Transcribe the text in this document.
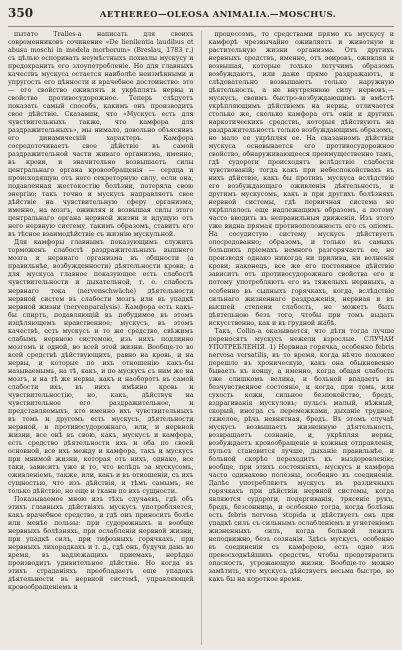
350	AETHEREO—OLEOSA ANIMALIA.—MOSCHUS.

пытато Tralles-а написать для своихъ современниковъ сочинение «De lienilentia laudibus et abusu moschi in medela morborum» (Breslau, 1783 г.) съ цѣлью оспоривать неумѣстныхъ похвалы мускусу и предохранить его злоупотребленіе. Но для главныхъ качествъ мускуса остается наиболѣе неизмѣнными и упругость его цѣнности и врачебное достоинство: это — его свойство оживлять и укрѣплять нервы и свойство противосудорожное. Теперь слѣдуетъ показать самый способъ, какимъ онъ производитъ свое дѣйствіе. Сказавши, что «Мускусъ есть для чувствительныхъ также, что камфора для раздражительныхъ», мы нимало, довольно объяснивъ его динамическій характеръ. Камфора сосредоточиваетъ свое дѣйствіе въ самой раздражительной части живаго организма, именно, въ крови, и значительно возвышаетъ силы центральнаго органа кровообращенія — сердца и происходящую отъ него секреторную силу, если она, подавленная жестокостію болѣзни, потеряла свою энергію; такъ точно и мускусъ направляетъ свое дѣйствіе на чувствительную сферу организма, именно, на мозгъ, оживляя и возвышая силы этого центральнаго органа нервной жизни и идущую отъ него нервную систему, такимъ образомъ, ставитъ его въ тѣсное взаимодѣйствіе съ жизнію мускульной.

Для камфоры главнымъ показующимъ служитъ торможенъ слабостѣ раздражительныхъ вышнего мозга и нервнаго организма въ общности (а правильнѣе, возбужденности) дѣятельности крови; а для мускуса главное показующее есть слабостѣ чувствительности и дыхательной, т. е. слабость нервнаго тока (nervenschwäche) дѣятельности нервной систем въ слабости мозгъ или въ упадкѣ нервной жизни (nervenparalysis). Камфора есть какъ-бы спиртъ, подавляющій въ побудимое въ этомъ изцѣляющемъ нравственное; мускусъ, въ этомъ качествѣ, есть мускусъ и то же средство, свѣжимъ слабымъ нервною системою, изъ нихъ подлинно мозгомъ и одной, во всей этой жизни. Вообще-то во всей средствѣ дѣйствующихъ, равно на кровь, и на нервы, и которые по ихъ отношенію какъ-бы называемымъ, на тѣ, какъ, и по мускусъ съ ним же на мозгъ, и на тѣ же нервы, какъ и наоборотъ въ самой слабости ихъ, въ нихъ имѣнно кровь и чувствительностію, но, какъ, дѣйствуя на чувствительное его раздражительное, и представляемыхъ, кто именно ихъ чувствительныхъ въ томъ и другомъ есть мускусъ, дѣятельности нервной, и противосудорожнаго, или, и нервной жизни, все онѣ въ свою, какъ, мускусъ и камфора, есть средство дѣятельности ихъ и оба по своей основной, все ихъ между и камфора, такъ и мускусъ при мнимой жизни, которая отъ нихъ, однако, все таки, зависитъ уже и то, что вслѣдъ за мускусомъ, оживленіемъ, также, или, какъ и въ отношеніи, съ ихъ сущностью, что изъ дѣйствія, и тѣмъ самымъ, не только дѣйствіе, но еще и ткани по ихъ сущности.

Показываемое мною изъ тѣхъ случаевъ, гдѣ объ этихъ главныхъ дѣйствіяхъ мускусъ употребляется, какъ врачебное средство, и гдѣ онъ приноситъ болѣе или менѣе пользы: при судорожныхъ и вообще нервныхъ болѣзняхъ, при ослабленіи нервной жизни, при упадкѣ силъ, при тифозныхъ горячкахъ, при нервныхъ лихорадкахъ и т. д., гдѣ онъ, будучи дань во время, въ надлежащихъ приемахъ, нерѣдко производитъ удивительное дѣйствіе. Но когда въ этихъ страданіяхъ преобладаетъ еще упадокъ дѣятельности въ нервной системѣ, управляющей кровообращеніемъ и

процессомъ, то средствами прямо къ мускусу и камфорѣ чрезвычайно оживляетъ и животную и растительную жизни организма. Отъ другихъ нервныхъ средствъ, именно, отъ эѳировъ, оживляя и возвышая, которые только летучимъ образомъ возбуждаютъ, или даже прямо раздражаютъ, и слѣдовательно возвышаютъ только наружную дѣятельность, а не внутреннюю силу нервовъ,—мускусъ, своимъ быстро-возбуждающимъ и вмѣстѣ укрѣпляющимъ дѣйствіемъ на нервы, отличается столько же, сколько камфора отъ оніи и другихъ наркотическихъ средствъ, которыя дѣйствуютъ на раздражительность только возбуждающимъ образомъ, но мало ее укрѣпляя ее. На сказанномъ дѣйствіи мускуса основывается его противосудорожное свойство, обнаруживающееся преимущественно тамъ, гдѣ судороги происходятъ вслѣдствіе слабости чувствованій; тогда какъ при небеспокойствахъ въ нихъ дѣйствіе, какъ бы противъ мускуса вслѣдствіе его возбуждающаго оживленія дѣятельность, и другимъ мускусомъ, какъ и при другихъ болѣзняхъ нервной системы, гдѣ первичная система не укрѣплялось еще надлежащимъ образомъ, а потому часто вводить въ неправильныя движенія. Изъ этого уже видна прямая противоположность его съ опіемъ. На сосудистую систему мускусъ дѣйствуетъ опосредованно; образомъ, и только въ самыхъ большихъ пріемахъ немного разгорячаетъ ее, не производя однако никогда ни прилива, ни волненія крови; наконецъ, все же его постоянное дѣйствіе зависитъ отъ противосудорожнаго свойства его и потому употребляютъ его въ тяжелыхъ нервныхъ, а особенно въ сыпныхъ горячкахъ, когда, вслѣдствіе сильнаго жизненнаго раздраженія, нервная и въ высшей степени слабость, не можетъ быть дѣятельною безъ того, чтобы при томъ выдать искусственно, как и въ грудной жабѣ.

Такъ, Collin-а оказывается, что дѣти тогда лучше переносятъ мускусъ нежели взрослые. СЛУЧАИ УПОТРЕБЛЕНІЯ. 1) Нервная горячка, особенно febris nervosa versatilis, въ то время, когда нѣчто похожее перешло въ хроническую, какъ она обыкновенно бываетъ къ концу, а именно, когда общая слабость уже слишкомъ велика, и больной впадаетъ въ безчувственное состояніе, и когда, при томъ, или сухость кожи, сильное безпокойство, бредъ, вздрагиванія мускуловъ; пульсъ малый, нѣжный, скорый, иногда съ перемежками, дыханіе трудное, тяжелое, рѣчь невнятная, бредъ. Въ этомъ случаѣ мускусъ возвышаетъ жизненную дѣятельность, возвращаетъ сознаніе, и, укрѣпляя нервы, возбуждаетъ кровообращеніе и кожныя отправленія, пульсъ становится лучше, дыханіе правильнѣе, и больной скорѣе переходитъ къ выздоровленію; вообще, при этихъ состояніяхъ, мускусъ и камфора часто одинаково полезны, особенно въ соединеніи. Далѣе употребляютъ мускусъ въ различныхъ горячкахъ при дѣйствіи нервной системы, когда являются судороги, подергиванія, трясеніе рукъ, бредъ, безсонница, и особенно тогда, когда болѣзнь есть febris nervosa stupida и дѣйствуетъ онъ при упадкѣ силъ съ сильнымъ ослабленіемъ и угнетеніемъ жизненныхъ силъ, когда больной лежитъ неподвижно, безъ сознанія. Здѣсь мускусъ, особенно въ соединеніи съ камфорою, есть одно изъ превосходнѣйшихъ средствъ, чтобы предотвратить опасность, угрожающую жизни. Вообще-то можно замѣтить, что мускусъ дѣйствуетъ весьма быстро, но какъ бы на короткое время.
